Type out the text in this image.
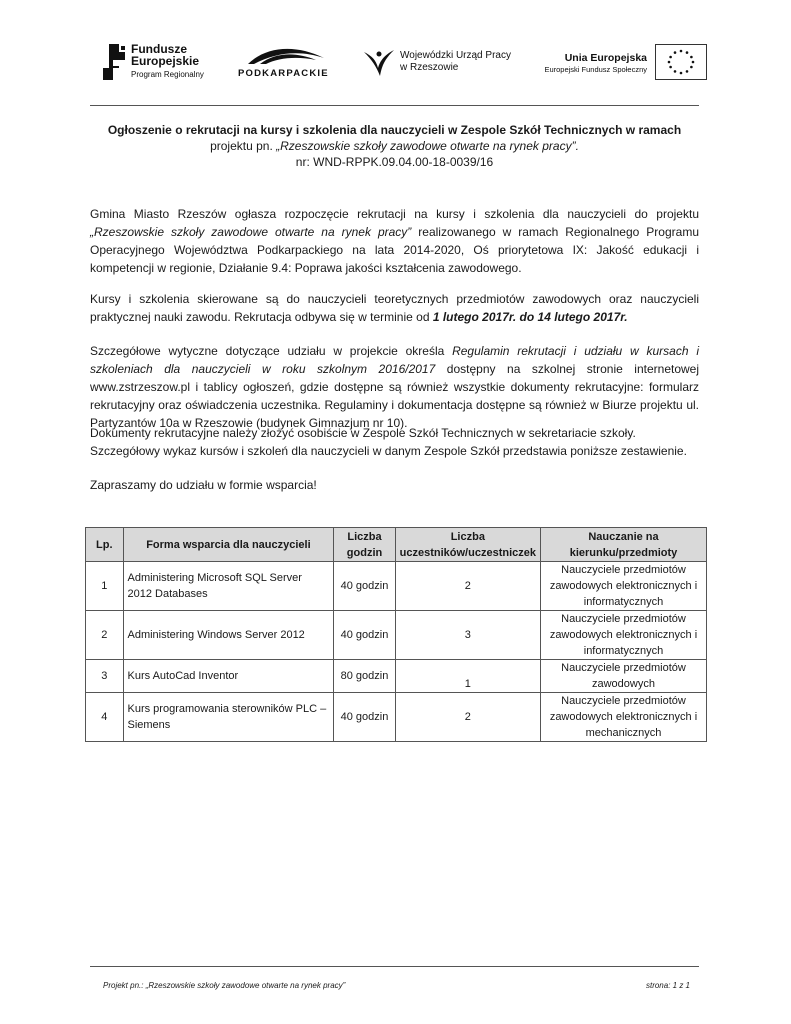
Fundusze
Europejskie
Program Regionalny	PODKARPACKIE
Wojewódzki Urząd Pracy
w Rzeszowie
Unia Europejska
Europejski Fundusz Społeczny
Ogłoszenie o rekrutacji na kursy i szkolenia dla nauczycieli w Zespole Szkół Technicznych w ramach
projektu pn. „Rzeszowskie szkoły zawodowe otwarte na rynek pracy”.
nr: WND-RPPK.09.04.00-18-0039/16

Gmina Miasto Rzeszów ogłasza rozpoczęcie rekrutacji na kursy i szkolenia dla nauczycieli do projektu „Rzeszowskie szkoły zawodowe otwarte na rynek pracy” realizowanego w ramach Regionalnego Programu Operacyjnego Województwa Podkarpackiego na lata 2014-2020, Oś priorytetowa IX: Jakość edukacji i kompetencji w regionie, Działanie 9.4: Poprawa jakości kształcenia zawodowego.

Kursy i szkolenia skierowane są do nauczycieli teoretycznych przedmiotów zawodowych oraz nauczycieli praktycznej nauki zawodu. Rekrutacja odbywa się w terminie od 1 lutego 2017r. do 14 lutego 2017r.

Szczegółowe wytyczne dotyczące udziału w projekcie określa Regulamin rekrutacji i udziału w kursach i szkoleniach dla nauczycieli w roku szkolnym 2016/2017 dostępny na szkolnej stronie internetowej www.zstrzeszow.pl i tablicy ogłoszeń, gdzie dostępne są również wszystkie dokumenty rekrutacyjne: formularz rekrutacyjny oraz oświadczenia uczestnika. Regulaminy i dokumentacja dostępne są również w Biurze projektu ul. Partyzantów 10a w Rzeszowie (budynek Gimnazjum nr 10).

Dokumenty rekrutacyjne należy złożyć osobiście w Zespole Szkół Technicznych w sekretariacie szkoły.
Szczegółowy wykaz kursów i szkoleń dla nauczycieli w danym Zespole Szkół przedstawia poniższe zestawienie.

Zapraszamy do udziału w formie wsparcia!

Lp.	Forma wsparcia dla nauczycieli	Liczba godzin	Liczba uczestników/uczestniczek	Nauczanie na kierunku/przedmioty
1	Administering Microsoft SQL Server 2012 Databases	40 godzin	2	Nauczyciele przedmiotów zawodowych elektronicznych i informatycznych
2	Administering Windows Server 2012	40 godzin	3	Nauczyciele przedmiotów zawodowych elektronicznych i informatycznych
3	Kurs AutoCad Inventor	80 godzin	1	Nauczyciele przedmiotów zawodowych
4	Kurs programowania sterowników PLC – Siemens	40 godzin	2	Nauczyciele przedmiotów zawodowych elektronicznych i mechanicznych
Projekt pn.: „Rzeszowskie szkoły zawodowe otwarte na rynek pracy”	strona: 1 z 1
